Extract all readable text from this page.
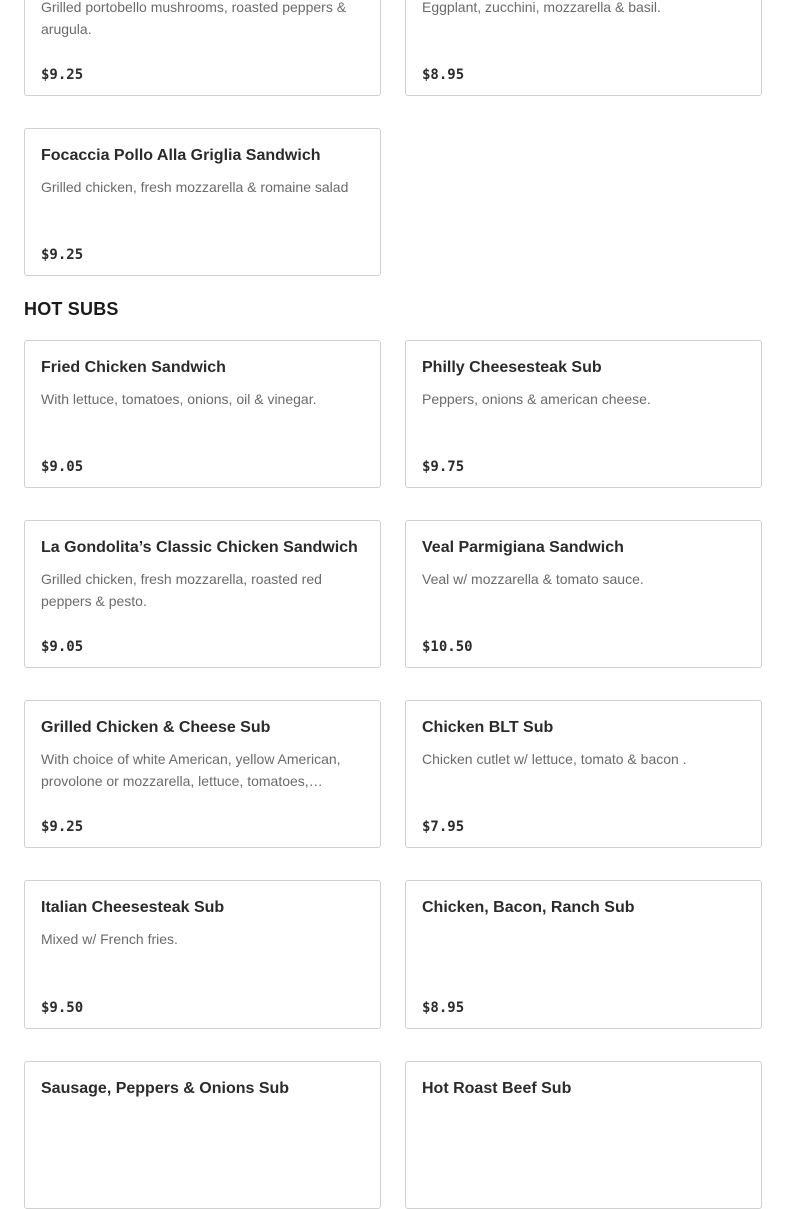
Grilled portobello mushrooms, roasted peppers & arugula.
$9.25
Eggplant, zucchini, mozzarella & basil.
$8.95
Focaccia Pollo Alla Griglia Sandwich
Grilled chicken, fresh mozzarella & romaine salad
$9.25
HOT SUBS
Fried Chicken Sandwich
With lettuce, tomatoes, onions, oil & vinegar.
$9.05
Philly Cheesesteak Sub
Peppers, onions & american cheese.
$9.75
La Gondolita’s Classic Chicken Sandwich
Grilled chicken, fresh mozzarella, roasted red peppers & pesto.
$9.05
Veal Parmigiana Sandwich
Veal w/ mozzarella & tomato sauce.
$10.50
Grilled Chicken & Cheese Sub
With choice of white American, yellow American, provolone or mozzarella, lettuce, tomatoes,…
$9.25
Chicken BLT Sub
Chicken cutlet w/ lettuce, tomato & bacon .
$7.95
Italian Cheesesteak Sub
Mixed w/ French fries.
$9.50
Chicken, Bacon, Ranch Sub
$8.95
Sausage, Peppers & Onions Sub	Hot Roast Beef Sub
